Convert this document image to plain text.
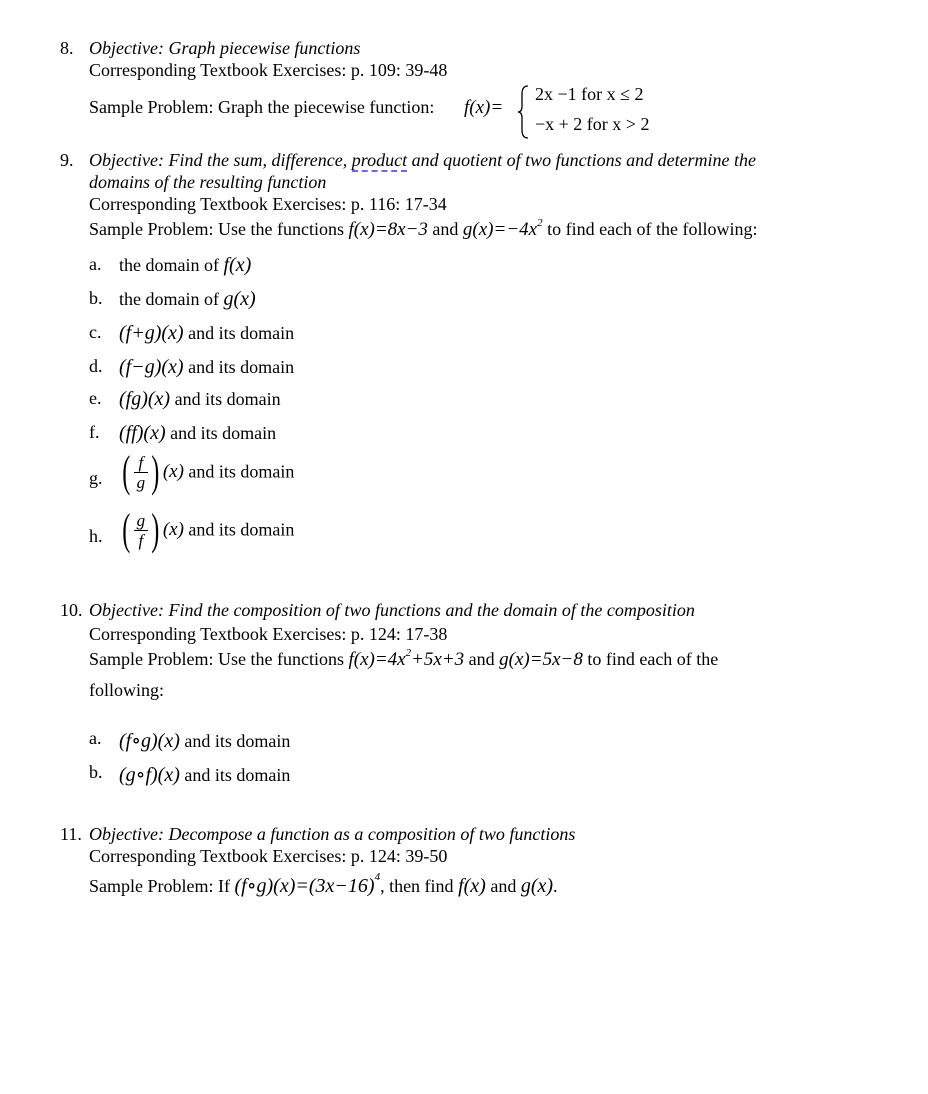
8. Objective: Graph piecewise functions
Corresponding Textbook Exercises: p. 109: 39-48
Sample Problem: Graph the piecewise function: f(x)=
2x −1 for x ≤ 2
−x + 2 for x > 2
9. Objective: Find the sum, difference, product and quotient of two functions and determine the
domains of the resulting function
Corresponding Textbook Exercises: p. 116: 17-34
Sample Problem: Use the functions f(x)=8x−3 and $g(x)=-4x^2$ to find each of the following:
a. the domain of f(x)
b. the domain of g(x)
c. (f+g)(x) and its domain
d. (f−g)(x) and its domain
e. (fg)(x) and its domain
f. (ff)(x) and its domain
g. ( $\frac{f}{g}$ ) (x) and its domain
h. ( $\frac{g}{f}$ ) (x) and its domain
10. Objective: Find the composition of two functions and the domain of the composition
Corresponding Textbook Exercises: p. 124: 17-38
Sample Problem: Use the functions $f(x)=4x^2+5x+3$ and g(x)=5x−8 to find each of the
following:
a. (f∘g)(x) and its domain
b. (g∘f)(x) and its domain
11. Objective: Decompose a function as a composition of two functions
Corresponding Textbook Exercises: p. 124: 39-50
Sample Problem: If $(f\circ g)(x)=(3x-16)^4$, then find f(x) and g(x).
